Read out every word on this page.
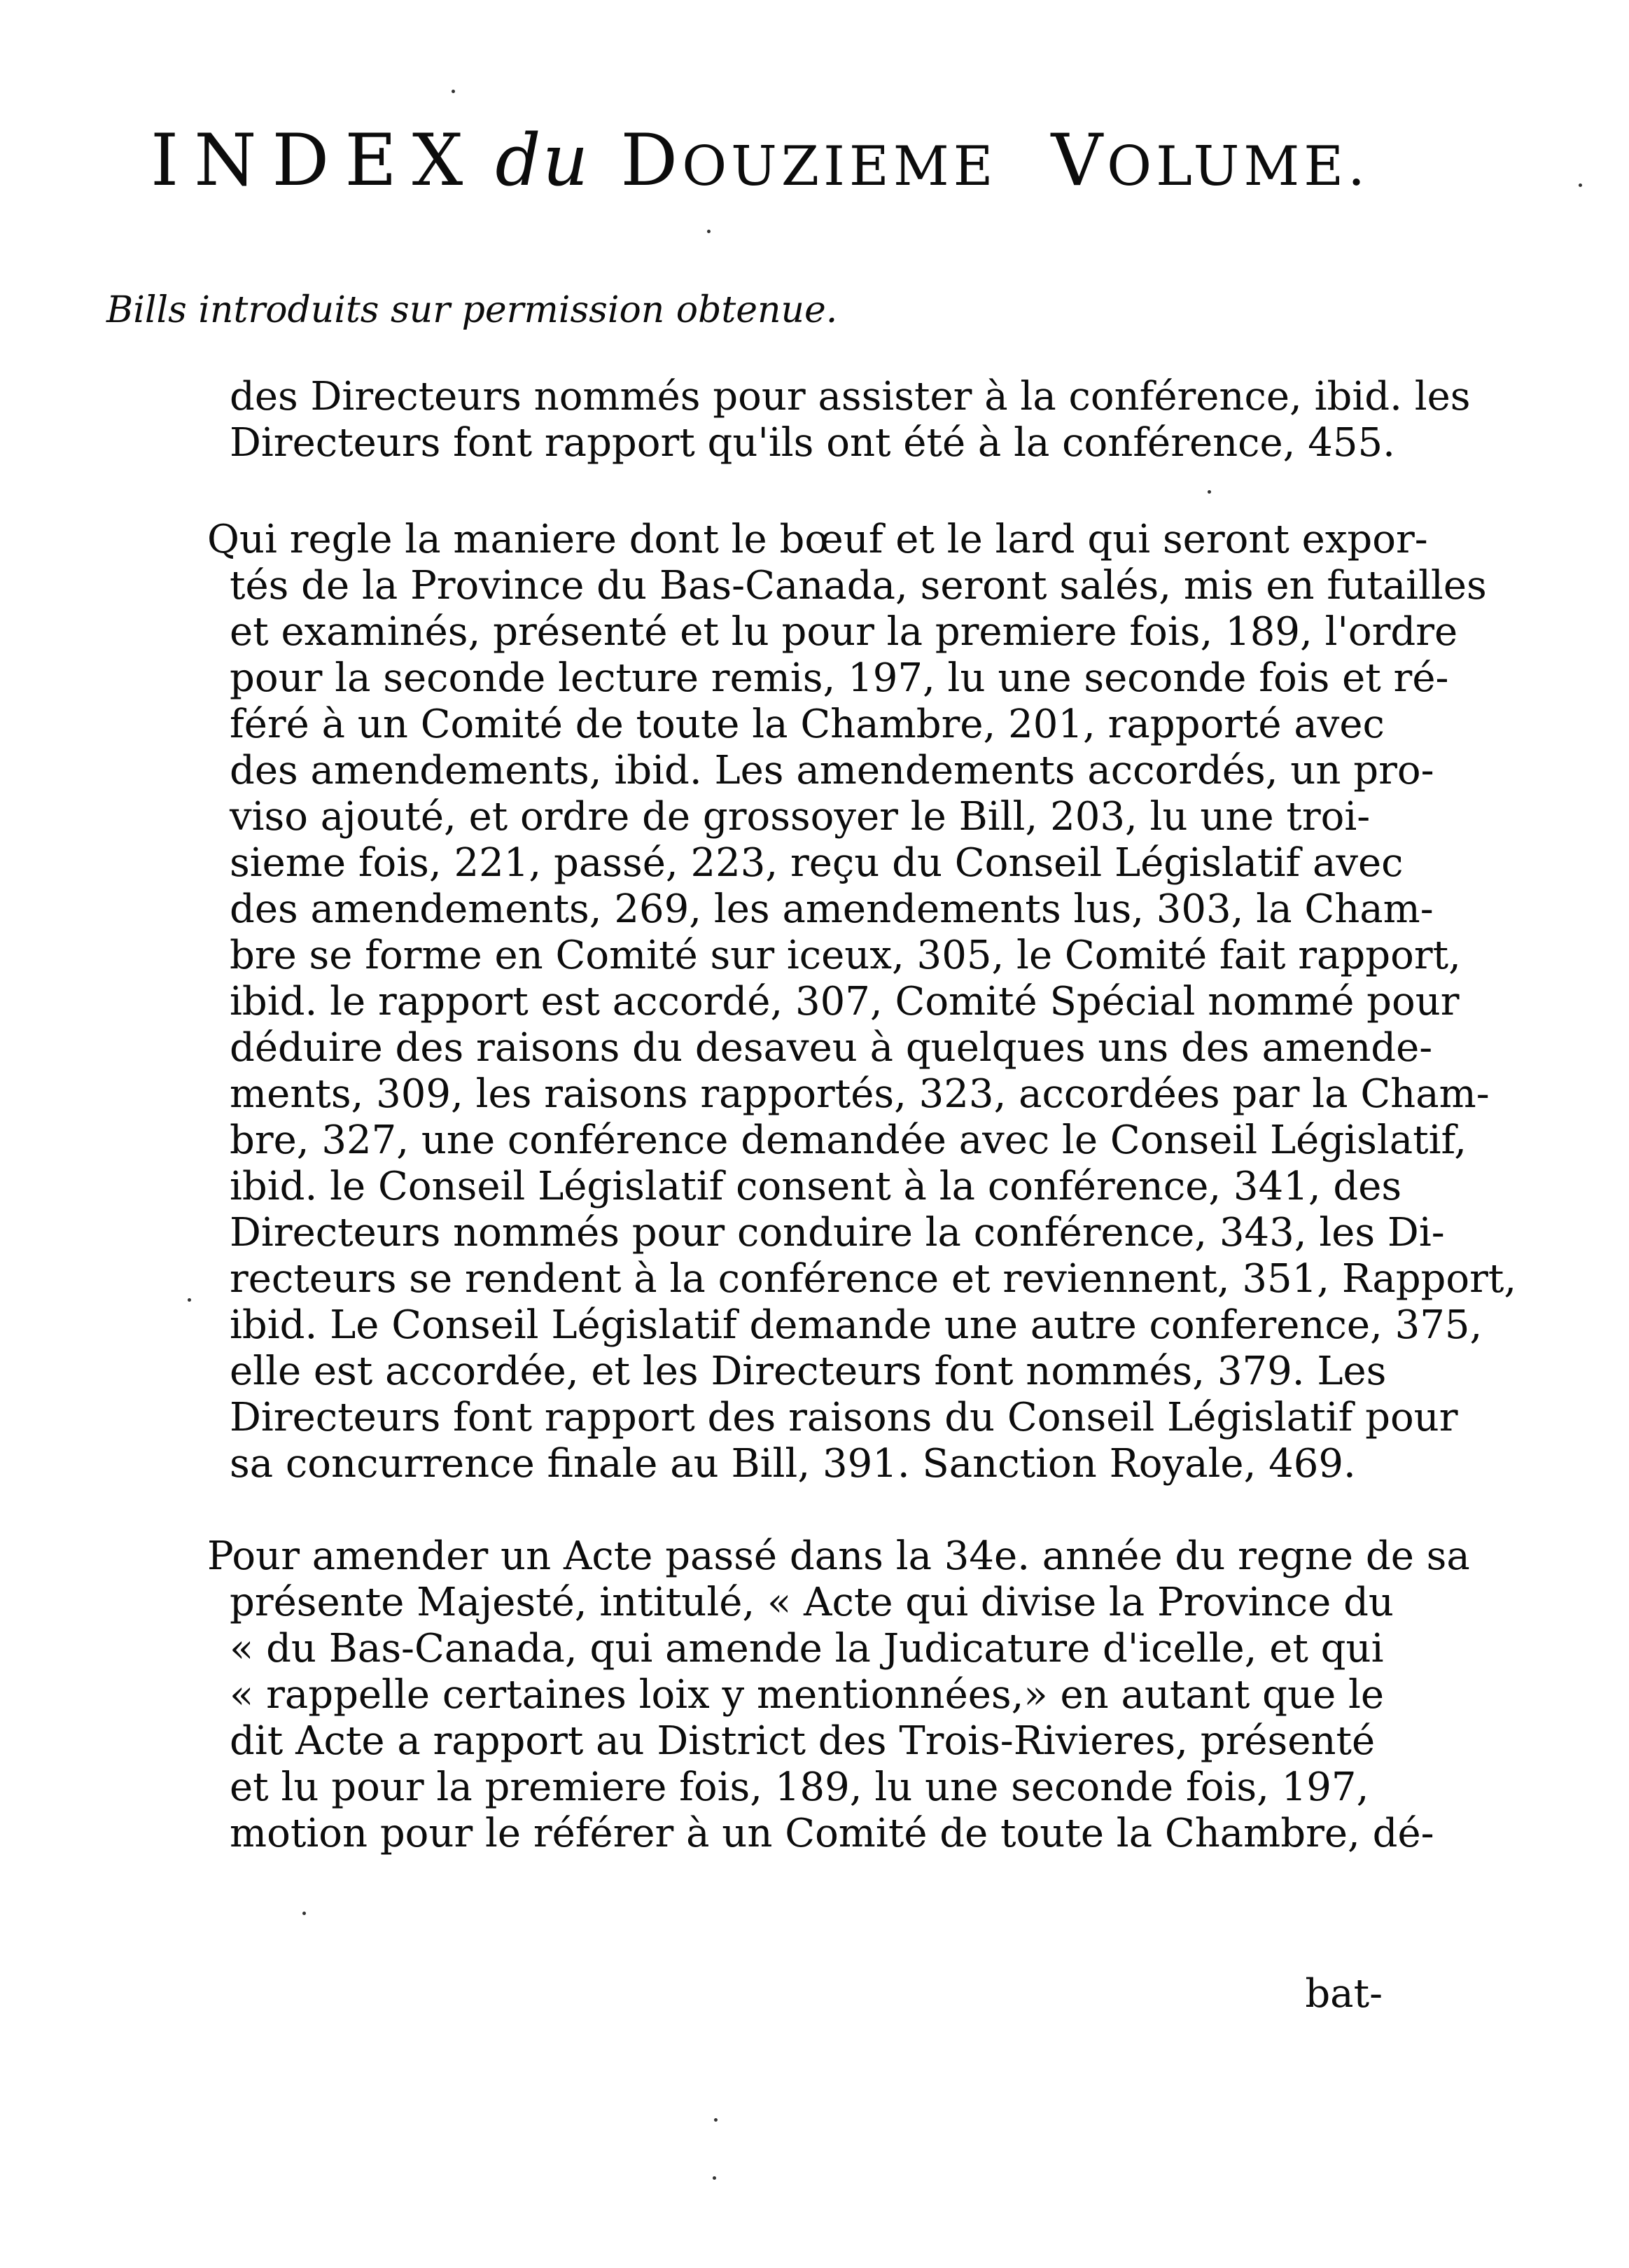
INDEX du DOUZIEME VOLUME.
Bills introduits sur permission obtenue.
des Directeurs nommés pour assister à la conférence, ibid. les
Directeurs font rapport qu'ils ont été à la conférence, 455.
Qui regle la maniere dont le bœuf et le lard qui seront expor-
tés de la Province du Bas-Canada, seront salés, mis en futailles
et examinés, présenté et lu pour la premiere fois, 189, l'ordre
pour la seconde lecture remis, 197, lu une seconde fois et ré-
féré à un Comité de toute la Chambre, 201, rapporté avec
des amendements, ibid. Les amendements accordés, un pro-
viso ajouté, et ordre de grossoyer le Bill, 203, lu une troi-
sieme fois, 221, passé, 223, reçu du Conseil Législatif avec
des amendements, 269, les amendements lus, 303, la Cham-
bre se forme en Comité sur iceux, 305, le Comité fait rapport,
ibid. le rapport est accordé, 307, Comité Spécial nommé pour
déduire des raisons du desaveu à quelques uns des amende-
ments, 309, les raisons rapportés, 323, accordées par la Cham-
bre, 327, une conférence demandée avec le Conseil Législatif,
ibid. le Conseil Législatif consent à la conférence, 341, des
Directeurs nommés pour conduire la conférence, 343, les Di-
recteurs se rendent à la conférence et reviennent, 351, Rapport,
ibid. Le Conseil Législatif demande une autre conference, 375,
elle est accordée, et les Directeurs font nommés, 379. Les
Directeurs font rapport des raisons du Conseil Législatif pour
sa concurrence finale au Bill, 391. Sanction Royale, 469.
Pour amender un Acte passé dans la 34e. année du regne de sa
présente Majesté, intitulé, « Acte qui divise la Province du
« du Bas-Canada, qui amende la Judicature d'icelle, et qui
« rappelle certaines loix y mentionnées,» en autant que le
dit Acte a rapport au District des Trois-Rivieres, présenté
et lu pour la premiere fois, 189, lu une seconde fois, 197,
motion pour le référer à un Comité de toute la Chambre, dé-
bat-
